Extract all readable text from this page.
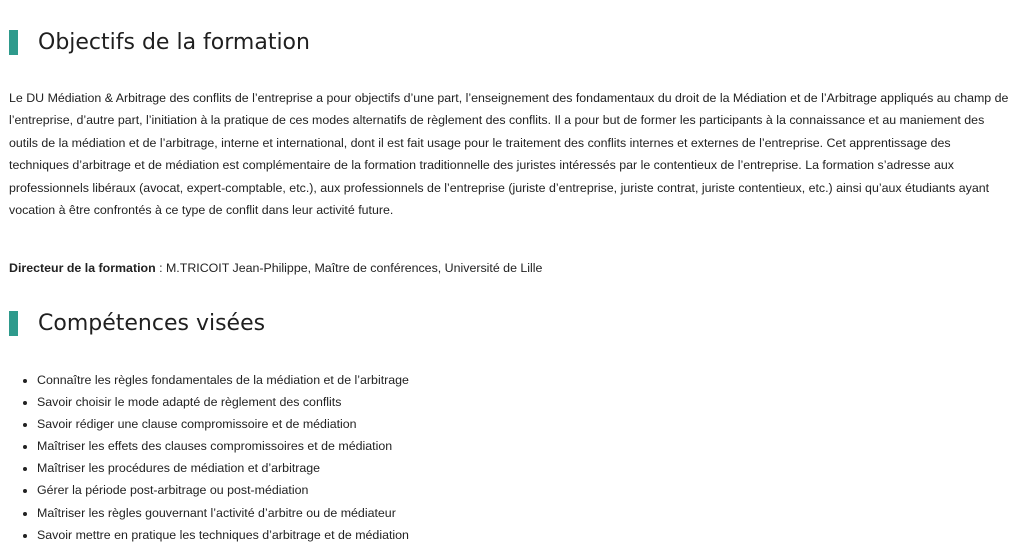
Objectifs de la formation

Le DU Médiation & Arbitrage des conflits de l’entreprise a pour objectifs d’une part, l’enseignement des fondamentaux du droit de la Médiation et de l’Arbitrage appliqués au champ de l’entreprise, d’autre part, l’initiation à la pratique de ces modes alternatifs de règlement des conflits. Il a pour but de former les participants à la connaissance et au maniement des outils de la médiation et de l’arbitrage, interne et international, dont il est fait usage pour le traitement des conflits internes et externes de l’entreprise. Cet apprentissage des techniques d’arbitrage et de médiation est complémentaire de la formation traditionnelle des juristes intéressés par le contentieux de l’entreprise. La formation s’adresse aux professionnels libéraux (avocat, expert-comptable, etc.), aux professionnels de l’entreprise (juriste d’entreprise, juriste contrat, juriste contentieux, etc.) ainsi qu’aux étudiants ayant vocation à être confrontés à ce type de conflit dans leur activité future.

Directeur de la formation : M.TRICOIT Jean-Philippe, Maître de conférences, Université de Lille

Compétences visées
• Connaître les règles fondamentales de la médiation et de l’arbitrage
• Savoir choisir le mode adapté de règlement des conflits
• Savoir rédiger une clause compromissoire et de médiation
• Maîtriser les effets des clauses compromissoires et de médiation
• Maîtriser les procédures de médiation et d’arbitrage
• Gérer la période post-arbitrage ou post-médiation
• Maîtriser les règles gouvernant l’activité d’arbitre ou de médiateur
• Savoir mettre en pratique les techniques d’arbitrage et de médiation
